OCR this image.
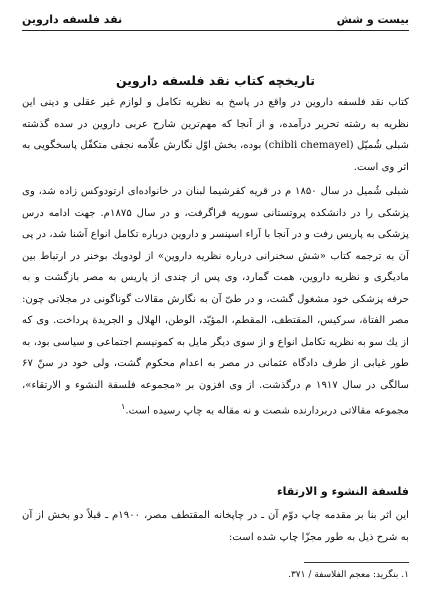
بيست و شش
نقد فلسفه داروين
تاريخچه كتاب نقد فلسفه داروين

كتاب نقد فلسفه داروين در واقع در پاسخ به نظريه تكامل و لوازم غير عقلى و دينى اين نظريه به رشته تحرير درآمده، و از آنجا كه مهم‌ترين شارح عربى داروين در سده گذشته شبلى شُميّل (chibli chemayel) بوده، بخش اوّل نگارش علّامه نجفى متكفّل پاسخگويى به اثر وى است.

شبلى شُميل در سال ۱۸۵۰ م در قريه كفرشيما لبنان در خانواده‌اى ارتودوكس زاده شد، وى پزشكى را در دانشكده پروتستانى سوريه فراگرفت، و در سال ۱۸۷۵م. جهت ادامه درس پزشكى به پاريس رفت و در آنجا با آراء اسپنسر و داروين درباره تكامل انواع آشنا شد، در پى آن به ترجمه كتاب «شش سخنرانى درباره نظريه داروين» از لودويك بوخنر در ارتباط بين ماديگرى و نظريه داروين، همت گمارد، وى پس از چندى از پاريس به مصر بازگشت و به حرفه پزشكى خود مشغول گشت، و در طىّ آن به نگارش مقالات گوناگونى در مجلاتى چون: مصر الفتاة، سركيس، المقتطف، المقطم، المؤيّد، الوطن، الهلال و الجريدة پرداخت. وى كه از يك سو به نظريه تكامل انواع و از سوى ديگر مايل به كمونيسم اجتماعى و سياسى بود، به طور غيابى از طرف دادگاه عثمانى در مصر به اعدام محكوم گشت، ولى خود در سنّ ۶۷ سالگى در سال ۱۹۱۷ م درگذشت. از وى افزون بر «مجموعه فلسفة النشوء و الارتقاء»، مجموعه مقالاتى دربردارنده شصت و نه مقاله به چاپ رسيده است.$^۱$

فلسفة النشوء و الارتقاء

اين اثر بنا بر مقدمه چاپ دوّم آن ـ در چاپخانه المقتطف مصر، ۱۹۰۰م ـ قبلاً دو بخش از آن به شرح ذيل به طور مجزّا چاپ شده است:

۱. بنگريد: معجم الفلاسفة / ۳۷۱.
